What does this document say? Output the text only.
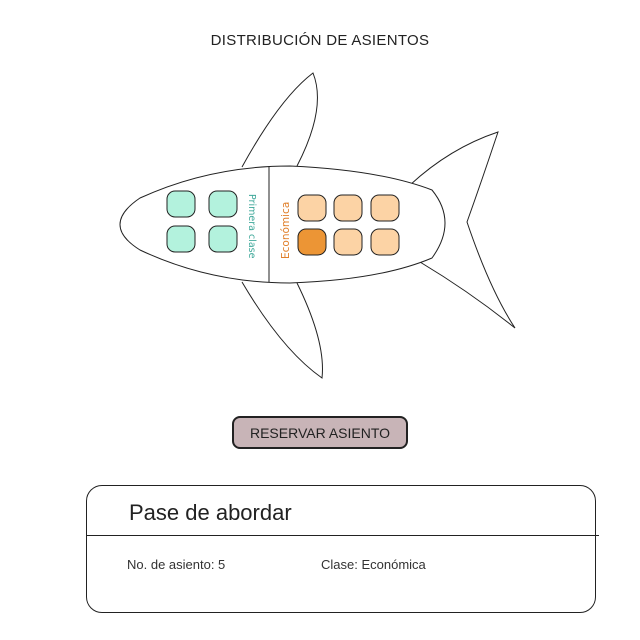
DISTRIBUCIÓN DE ASIENTOS
Primera clase Económica
RESERVAR ASIENTO
Pase de abordar
No. de asiento: 5	Clase: Económica
